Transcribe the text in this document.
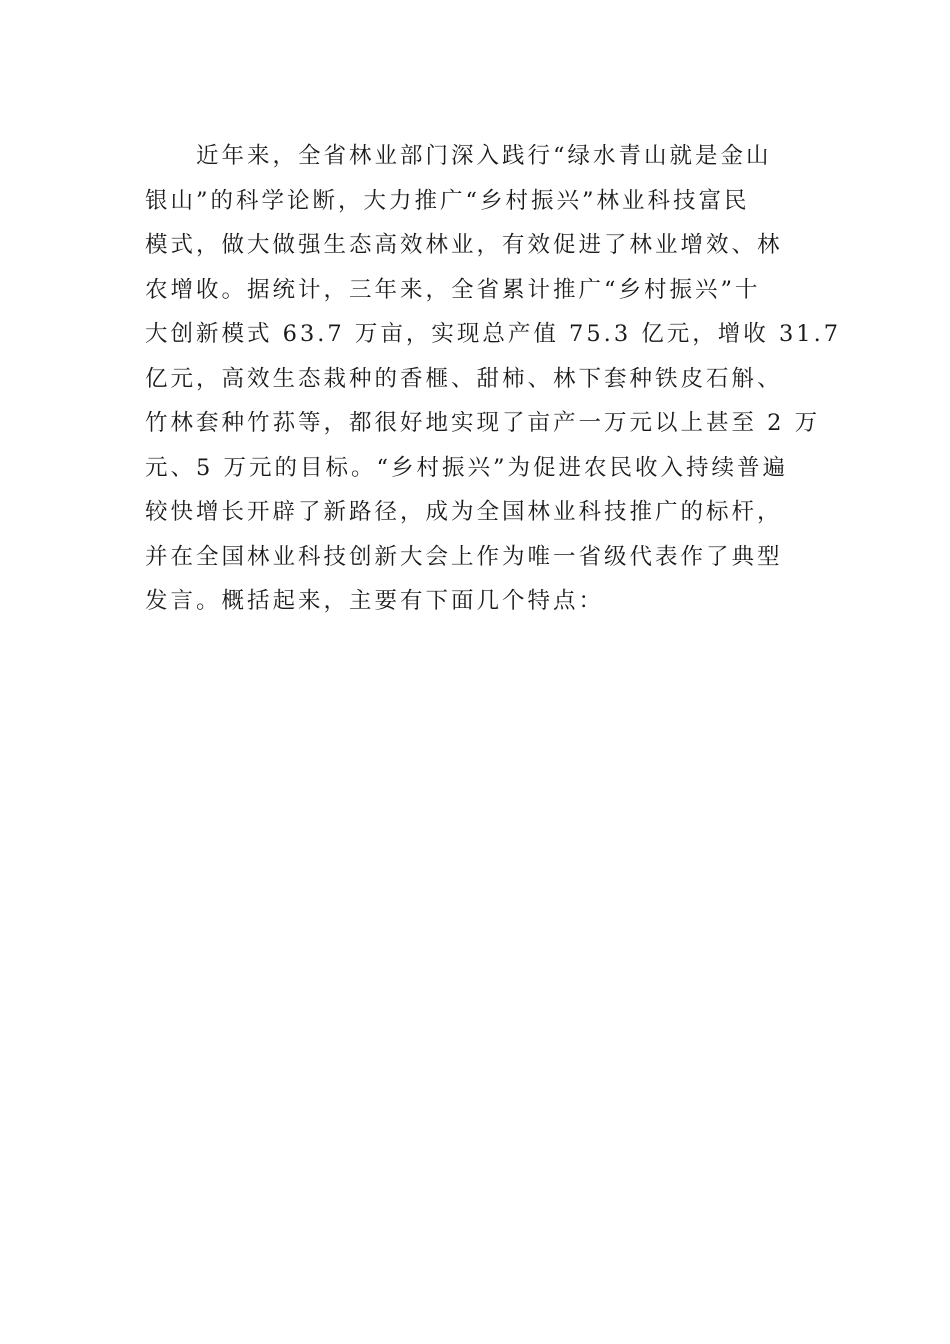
近年来，全省林业部门深入践行“绿水青山就是金山
银山”的科学论断，大力推广“乡村振兴”林业科技富民
模式，做大做强生态高效林业，有效促进了林业增效、林
农增收。据统计，三年来，全省累计推广“乡村振兴”十
大创新模式 63.7 万亩，实现总产值 75.3 亿元，增收 31.7
亿元，高效生态栽种的香榧、甜柿、林下套种铁皮石斛、
竹林套种竹荪等，都很好地实现了亩产一万元以上甚至 2 万
元、5 万元的目标。“乡村振兴”为促进农民收入持续普遍
较快增长开辟了新路径，成为全国林业科技推广的标杆，
并在全国林业科技创新大会上作为唯一省级代表作了典型
发言。概括起来，主要有下面几个特点：
